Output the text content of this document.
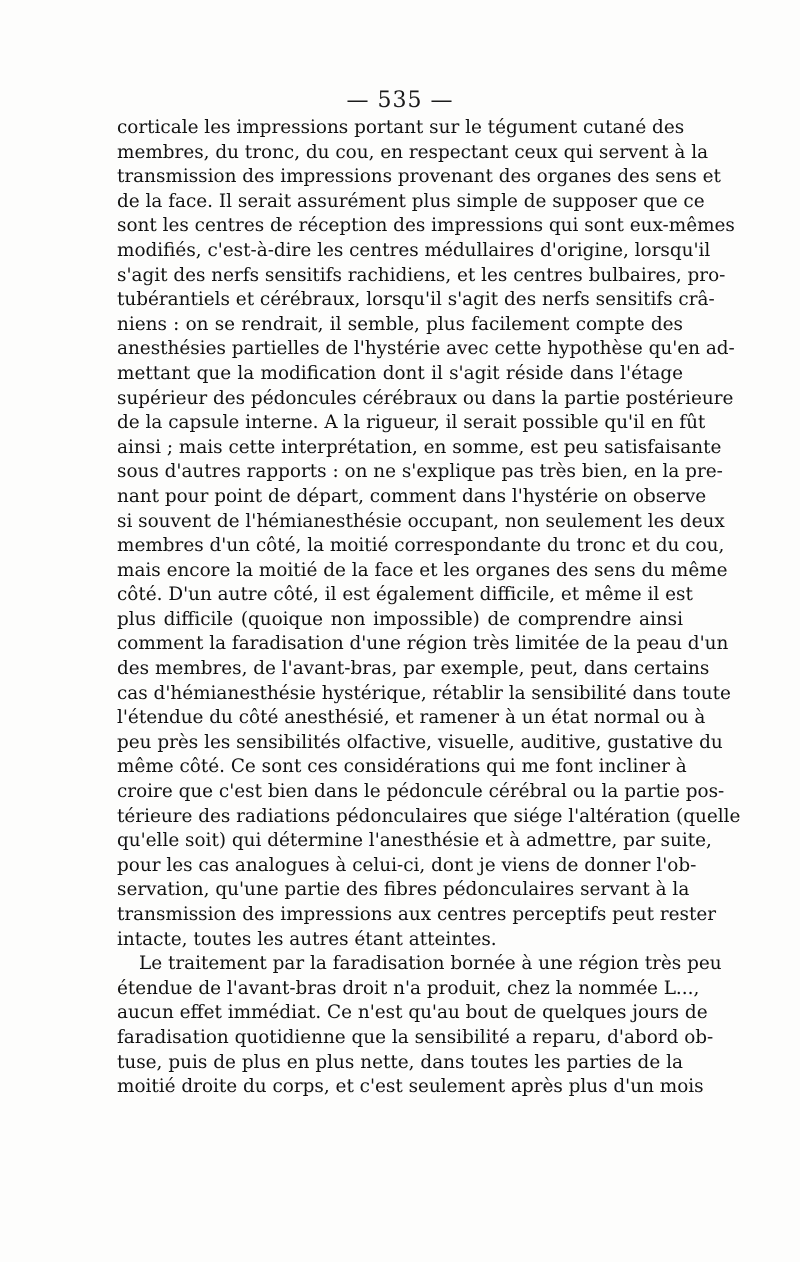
— 535 —
corticale les impressions portant sur le tégument cutané des
membres, du tronc, du cou, en respectant ceux qui servent à la
transmission des impressions provenant des organes des sens et
de la face. Il serait assurément plus simple de supposer que ce
sont les centres de réception des impressions qui sont eux-mêmes
modifiés, c'est-à-dire les centres médullaires d'origine, lorsqu'il
s'agit des nerfs sensitifs rachidiens, et les centres bulbaires, pro-
tubérantiels et cérébraux, lorsqu'il s'agit des nerfs sensitifs crâ-
niens : on se rendrait, il semble, plus facilement compte des
anesthésies partielles de l'hystérie avec cette hypothèse qu'en ad-
mettant que la modification dont il s'agit réside dans l'étage
supérieur des pédoncules cérébraux ou dans la partie postérieure
de la capsule interne. A la rigueur, il serait possible qu'il en fût
ainsi ; mais cette interprétation, en somme, est peu satisfaisante
sous d'autres rapports : on ne s'explique pas très bien, en la pre-
nant pour point de départ, comment dans l'hystérie on observe
si souvent de l'hémianesthésie occupant, non seulement les deux
membres d'un côté, la moitié correspondante du tronc et du cou,
mais encore la moitié de la face et les organes des sens du même
côté. D'un autre côté, il est également difficile, et même il est
plus difficile (quoique non impossible) de comprendre ainsi
comment la faradisation d'une région très limitée de la peau d'un
des membres, de l'avant-bras, par exemple, peut, dans certains
cas d'hémianesthésie hystérique, rétablir la sensibilité dans toute
l'étendue du côté anesthésié, et ramener à un état normal ou à
peu près les sensibilités olfactive, visuelle, auditive, gustative du
même côté. Ce sont ces considérations qui me font incliner à
croire que c'est bien dans le pédoncule cérébral ou la partie pos-
térieure des radiations pédonculaires que siége l'altération (quelle
qu'elle soit) qui détermine l'anesthésie et à admettre, par suite,
pour les cas analogues à celui-ci, dont je viens de donner l'ob-
servation, qu'une partie des fibres pédonculaires servant à la
transmission des impressions aux centres perceptifs peut rester
intacte, toutes les autres étant atteintes.
Le traitement par la faradisation bornée à une région très peu
étendue de l'avant-bras droit n'a produit, chez la nommée L...,
aucun effet immédiat. Ce n'est qu'au bout de quelques jours de
faradisation quotidienne que la sensibilité a reparu, d'abord ob-
tuse, puis de plus en plus nette, dans toutes les parties de la
moitié droite du corps, et c'est seulement après plus d'un mois
